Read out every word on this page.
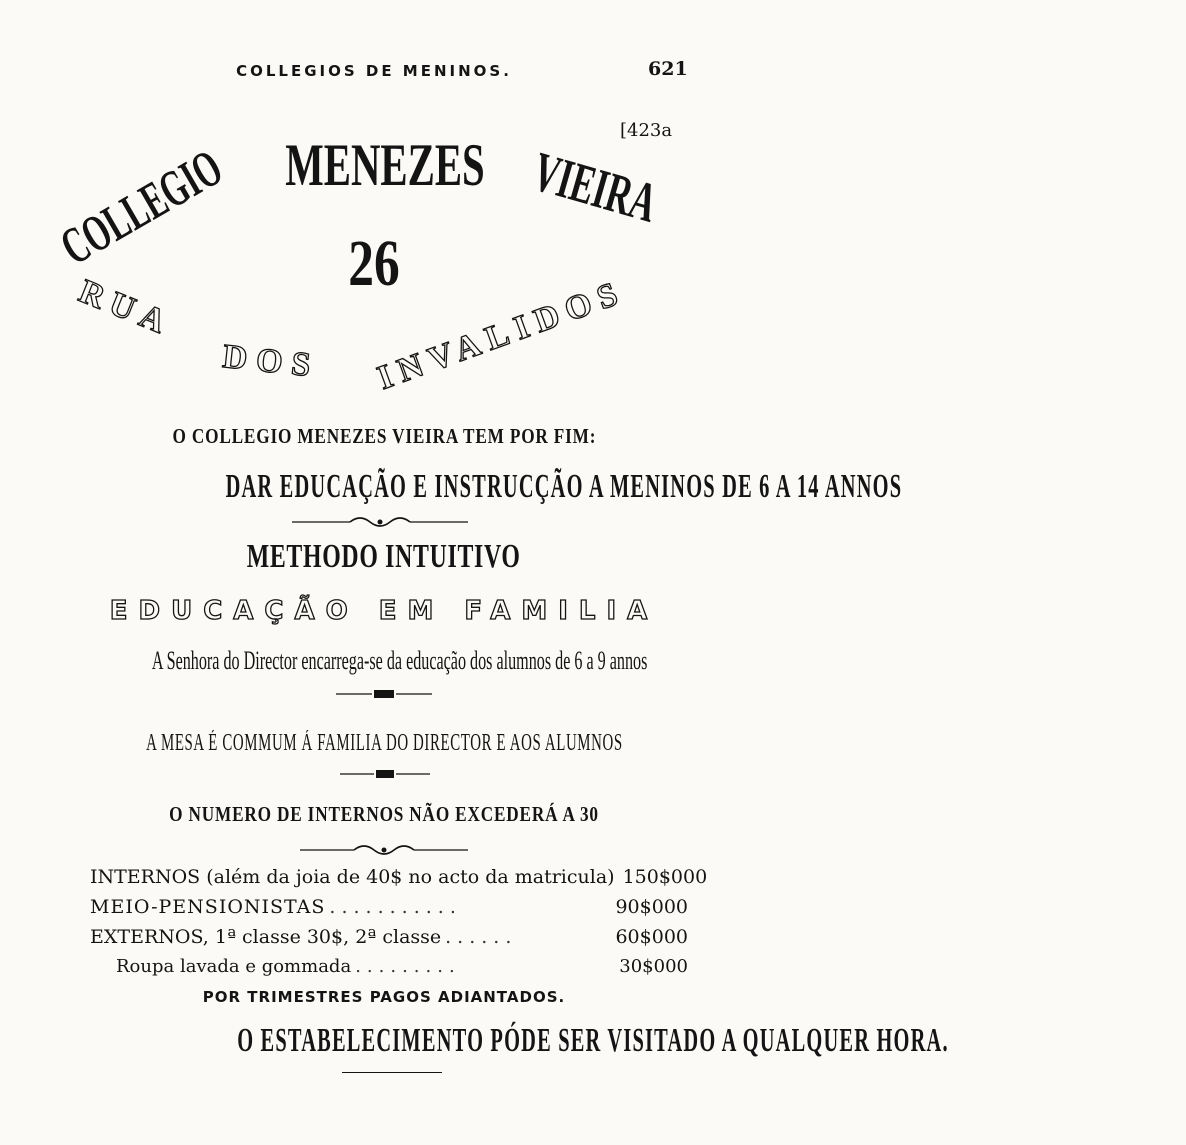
COLLEGIOS DE MENINOS.	621
[423a
COLLEGIO MENEZES VIEIRA
26
RUA
DOS INVALIDOS
O COLLEGIO MENEZES VIEIRA TEM POR FIM:
DAR EDUCAÇÃO E INSTRUCÇÃO A MENINOS DE 6 A 14 ANNOS
METHODO INTUITIVO
EDUCAÇÃO EM FAMILIA
A Senhora do Director encarrega-se da educação dos alumnos de 6 a 9 annos
A MESA É COMMUM Á FAMILIA DO DIRECTOR E AOS ALUMNOS
O NUMERO DE INTERNOS NÃO EXCEDERÁ A 30
INTERNOS (além da joia de 40$ no acto da matricula) 150$000
MEIO-PENSIONISTAS ...........	90$000
EXTERNOS, 1ª classe 30$, 2ª classe ......	60$000
Roupa lavada e gommada .........	30$000
POR TRIMESTRES PAGOS ADIANTADOS.
O ESTABELECIMENTO PÓDE SER VISITADO A QUALQUER HORA.
